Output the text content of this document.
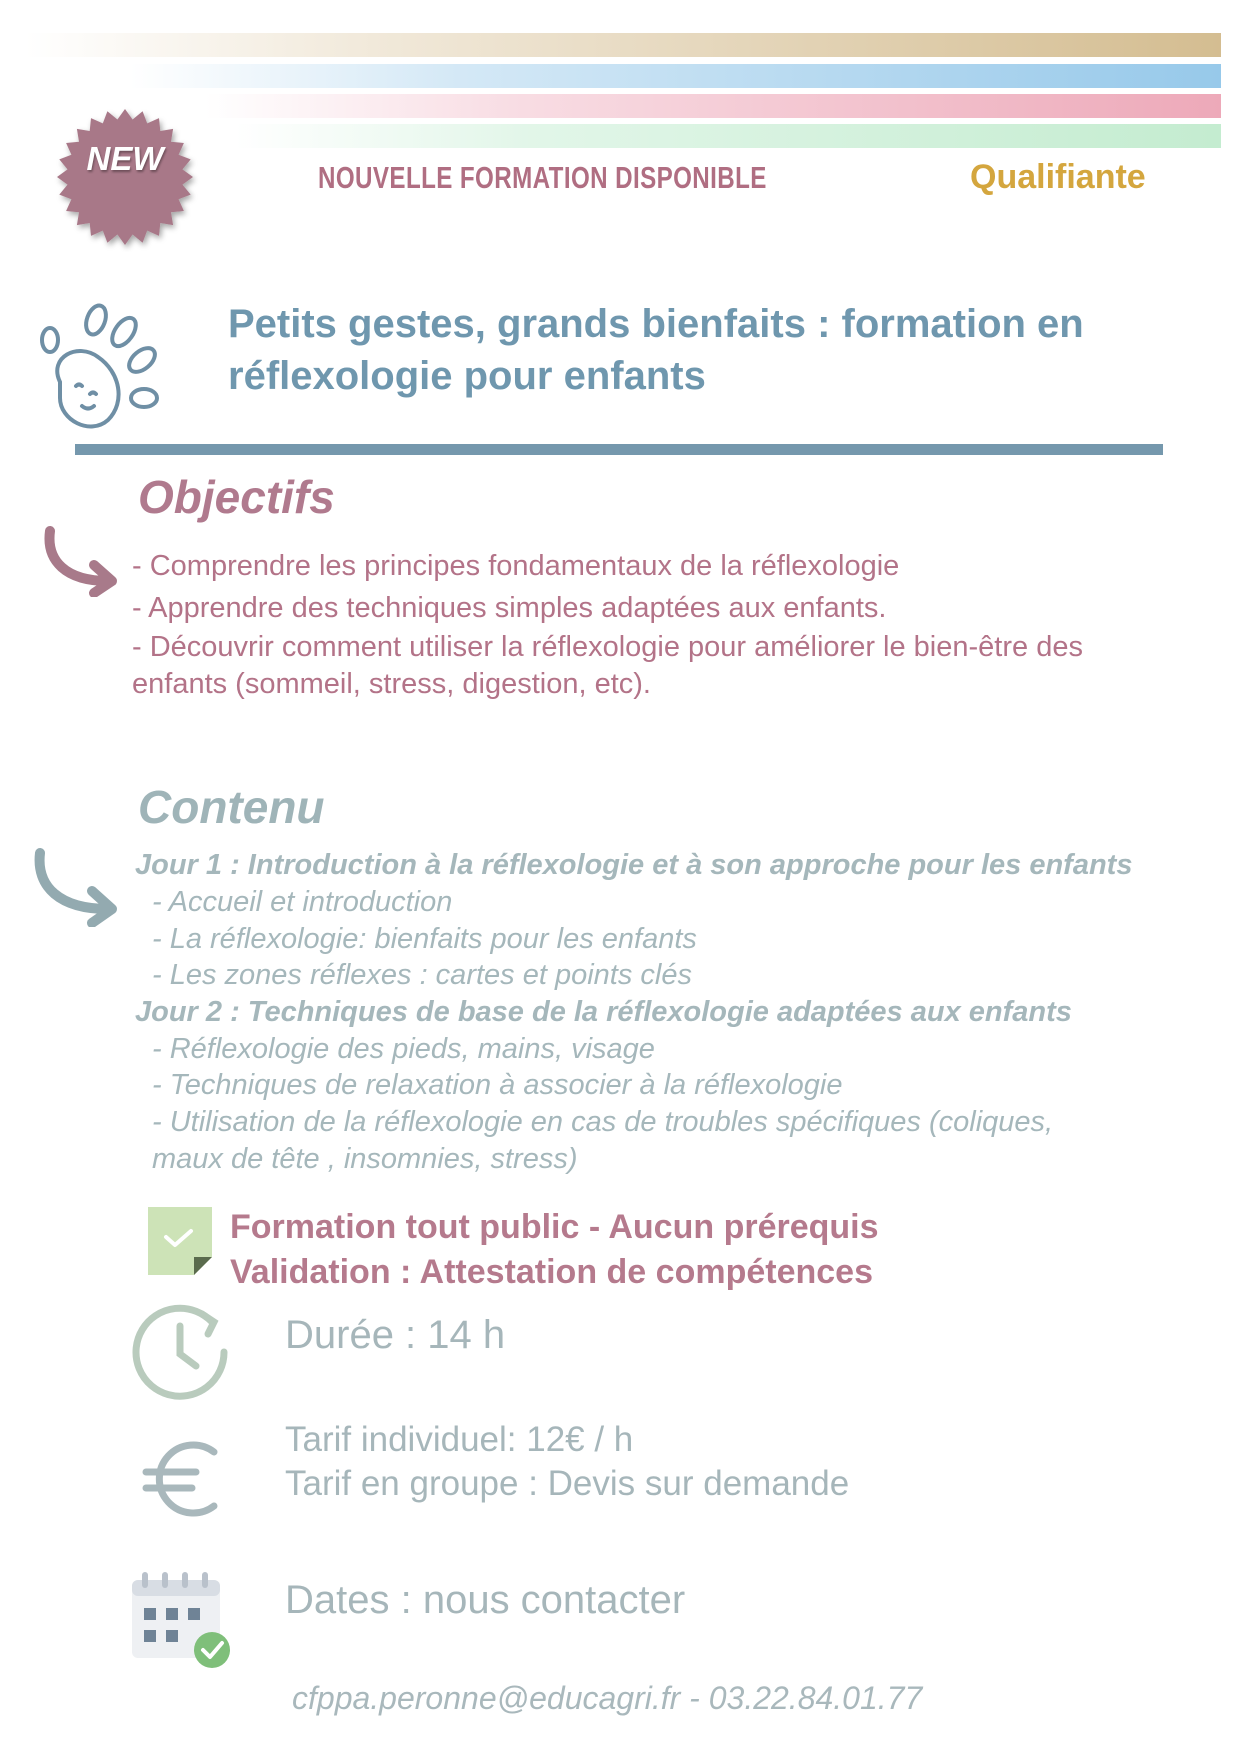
NEW
NOUVELLE FORMATION DISPONIBLE	Qualifiante
Petits gestes, grands bienfaits : formation en
réflexologie pour enfants
Objectifs
- Comprendre les principes fondamentaux de la réflexologie
- Apprendre des techniques simples adaptées aux enfants.
- Découvrir comment utiliser la réflexologie pour améliorer le bien-être des
enfants (sommeil, stress, digestion, etc).
Contenu
Jour 1 : Introduction à la réflexologie et à son approche pour les enfants
- Accueil et introduction
- La réflexologie: bienfaits pour les enfants
- Les zones réflexes : cartes et points clés
Jour 2 : Techniques de base de la réflexologie adaptées aux enfants
- Réflexologie des pieds, mains, visage
- Techniques de relaxation à associer à la réflexologie
- Utilisation de la réflexologie en cas de troubles spécifiques (coliques,
maux de tête , insomnies, stress)
Formation tout public - Aucun prérequis
Validation : Attestation de compétences
Durée : 14 h
Tarif individuel: 12€ / h
Tarif en groupe : Devis sur demande
Dates : nous contacter
cfppa.peronne@educagri.fr - 03.22.84.01.77
